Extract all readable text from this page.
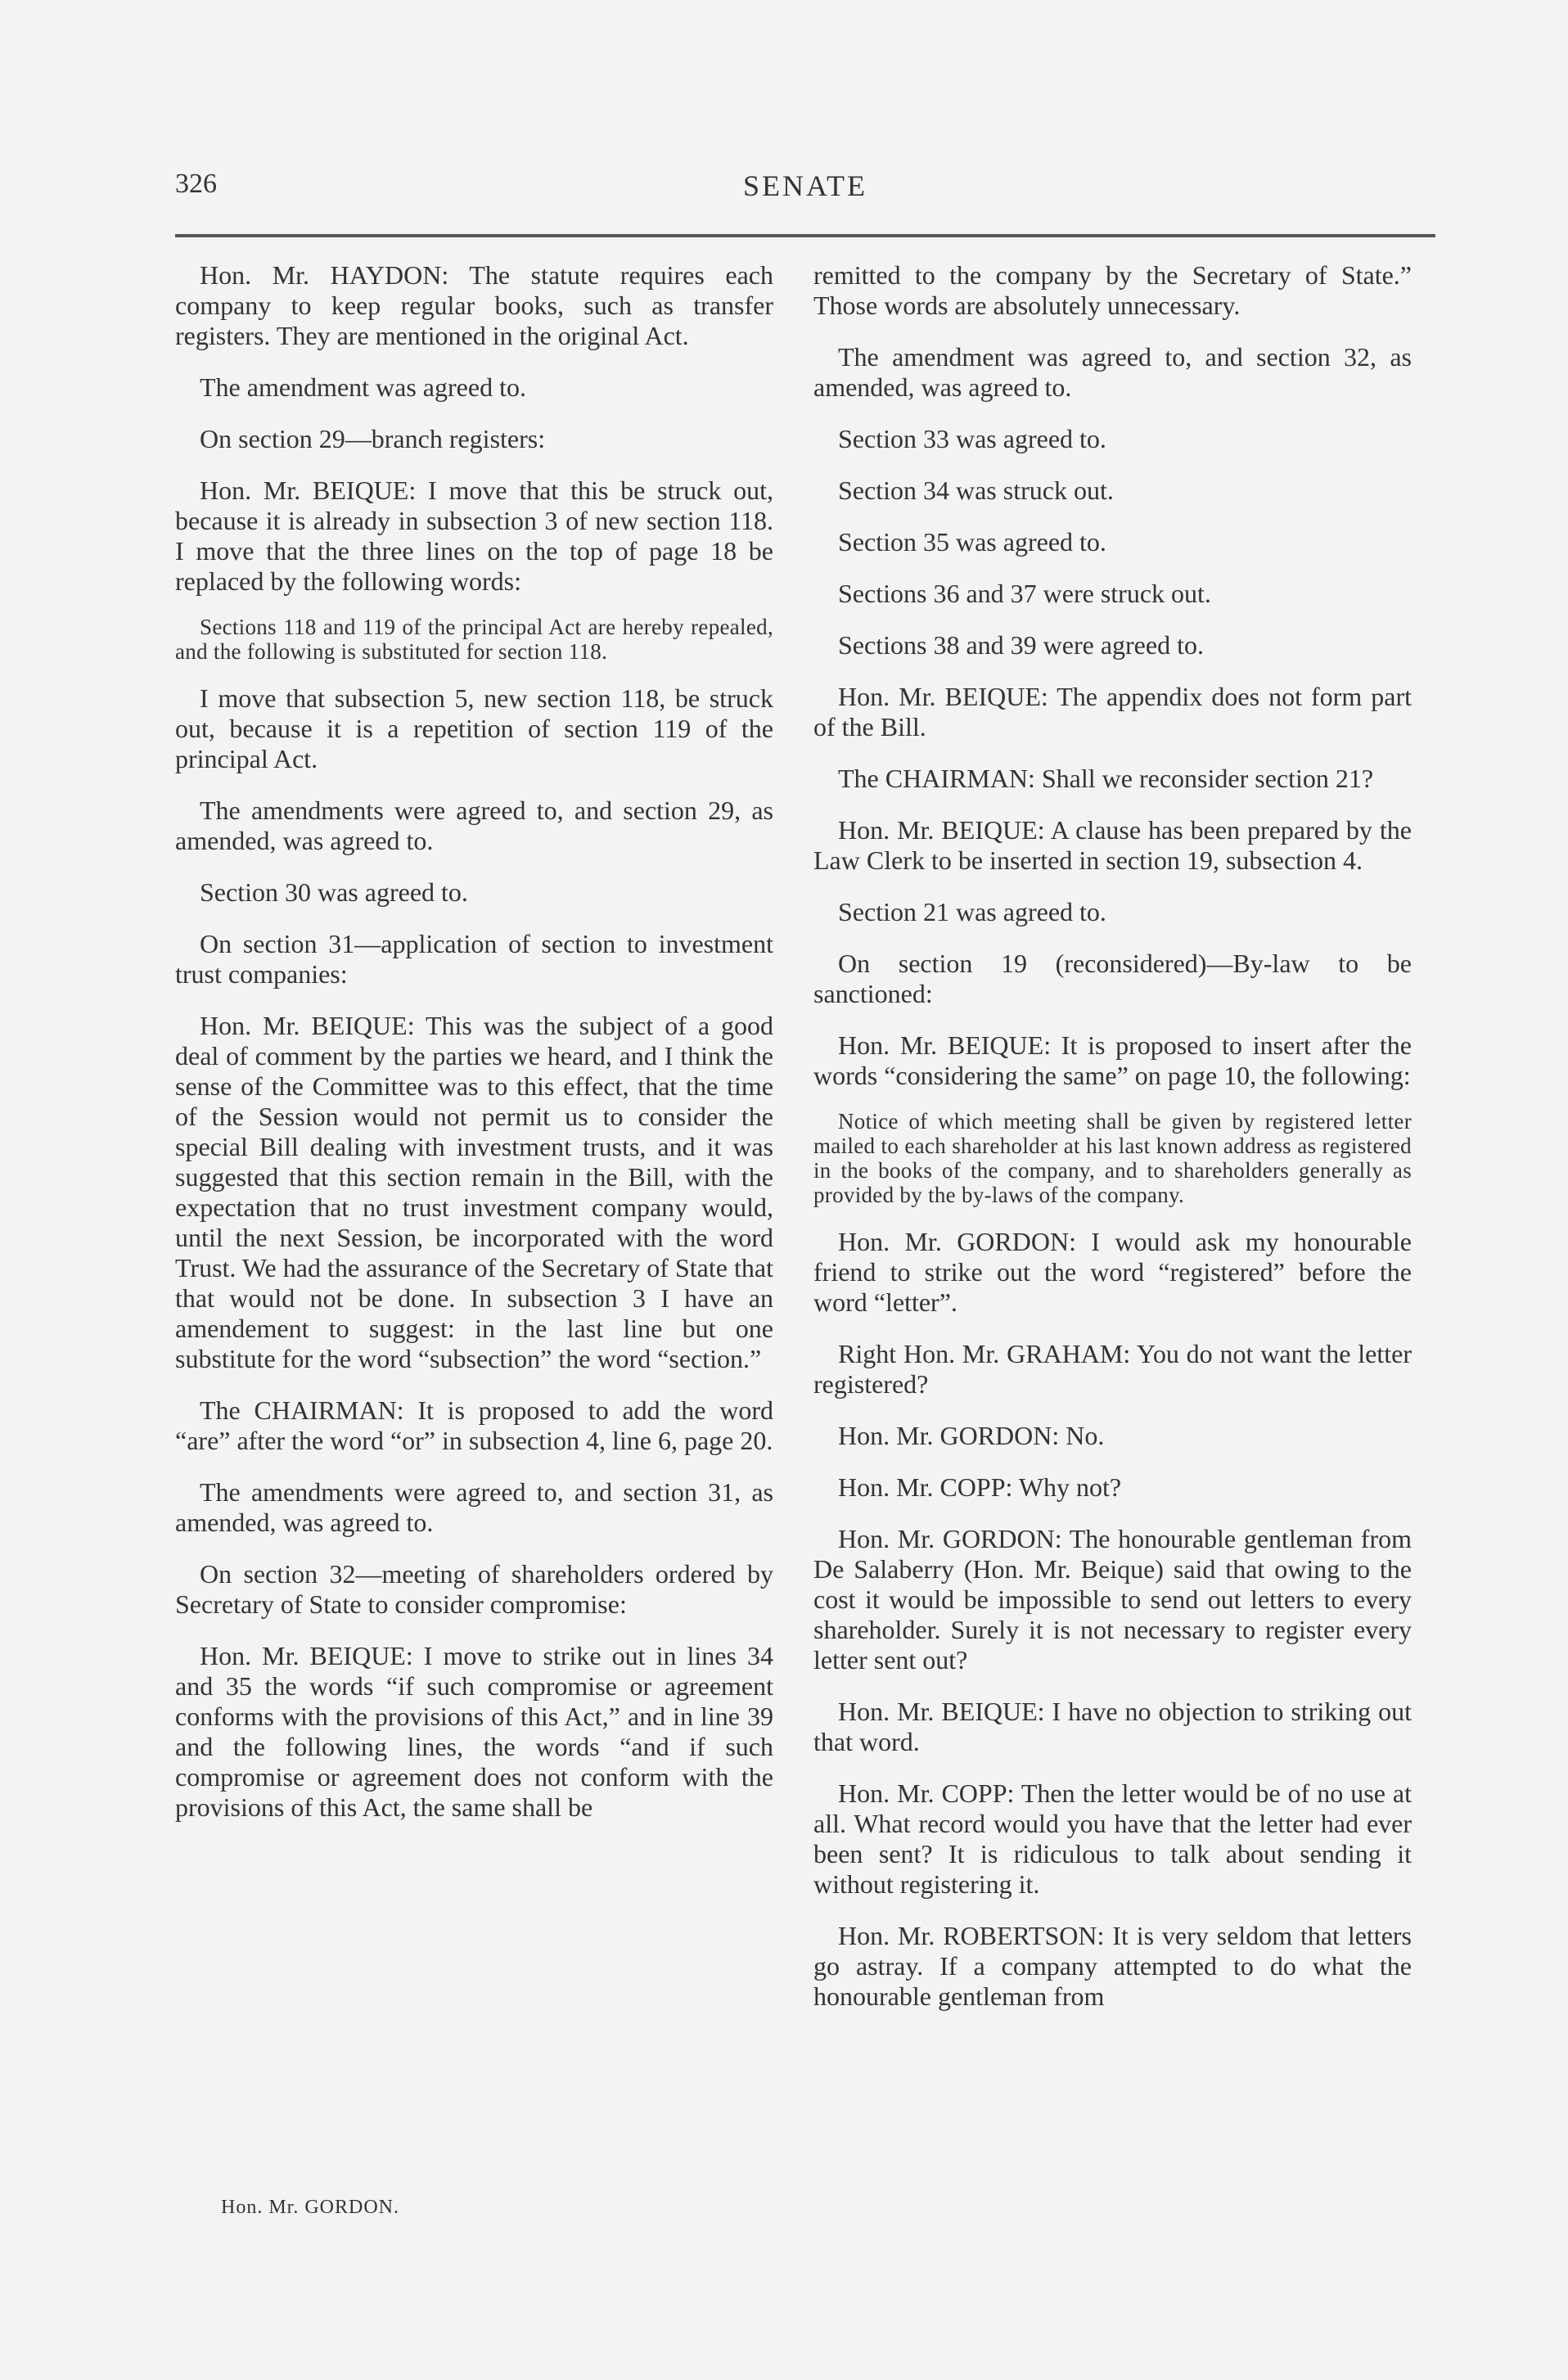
326	SENATE

Hon. Mr. HAYDON: The statute requires each company to keep regular books, such as transfer registers. They are mentioned in the original Act.

The amendment was agreed to.

On section 29—branch registers:

Hon. Mr. BEIQUE: I move that this be struck out, because it is already in subsection 3 of new section 118. I move that the three lines on the top of page 18 be replaced by the following words:

Sections 118 and 119 of the principal Act are hereby repealed, and the following is substituted for section 118.

I move that subsection 5, new section 118, be struck out, because it is a repetition of section 119 of the principal Act.

The amendments were agreed to, and section 29, as amended, was agreed to.

Section 30 was agreed to.

On section 31—application of section to investment trust companies:

Hon. Mr. BEIQUE: This was the subject of a good deal of comment by the parties we heard, and I think the sense of the Committee was to this effect, that the time of the Session would not permit us to consider the special Bill dealing with investment trusts, and it was suggested that this section remain in the Bill, with the expectation that no trust investment company would, until the next Session, be incorporated with the word Trust. We had the assurance of the Secretary of State that that would not be done. In subsection 3 I have an amendement to suggest: in the last line but one substitute for the word “subsection” the word “section.”

The CHAIRMAN: It is proposed to add the word “are” after the word “or” in subsection 4, line 6, page 20.

The amendments were agreed to, and section 31, as amended, was agreed to.

On section 32—meeting of shareholders ordered by Secretary of State to consider compromise:

Hon. Mr. BEIQUE: I move to strike out in lines 34 and 35 the words “if such compromise or agreement conforms with the provisions of this Act,” and in line 39 and the following lines, the words “and if such compromise or agreement does not conform with the provisions of this Act, the same shall be

remitted to the company by the Secretary of State.” Those words are absolutely unnecessary.

The amendment was agreed to, and section 32, as amended, was agreed to.

Section 33 was agreed to.

Section 34 was struck out.

Section 35 was agreed to.

Sections 36 and 37 were struck out.

Sections 38 and 39 were agreed to.

Hon. Mr. BEIQUE: The appendix does not form part of the Bill.

The CHAIRMAN: Shall we reconsider section 21?

Hon. Mr. BEIQUE: A clause has been prepared by the Law Clerk to be inserted in section 19, subsection 4.

Section 21 was agreed to.

On section 19 (reconsidered)—By-law to be sanctioned:

Hon. Mr. BEIQUE: It is proposed to insert after the words “considering the same” on page 10, the following:

Notice of which meeting shall be given by registered letter mailed to each shareholder at his last known address as registered in the books of the company, and to shareholders generally as provided by the by-laws of the company.

Hon. Mr. GORDON: I would ask my honourable friend to strike out the word “registered” before the word “letter”.

Right Hon. Mr. GRAHAM: You do not want the letter registered?

Hon. Mr. GORDON: No.

Hon. Mr. COPP: Why not?

Hon. Mr. GORDON: The honourable gentleman from De Salaberry (Hon. Mr. Beique) said that owing to the cost it would be impossible to send out letters to every shareholder. Surely it is not necessary to register every letter sent out?

Hon. Mr. BEIQUE: I have no objection to striking out that word.

Hon. Mr. COPP: Then the letter would be of no use at all. What record would you have that the letter had ever been sent? It is ridiculous to talk about sending it without registering it.

Hon. Mr. ROBERTSON: It is very seldom that letters go astray. If a company attempted to do what the honourable gentleman from

Hon. Mr. GORDON.
